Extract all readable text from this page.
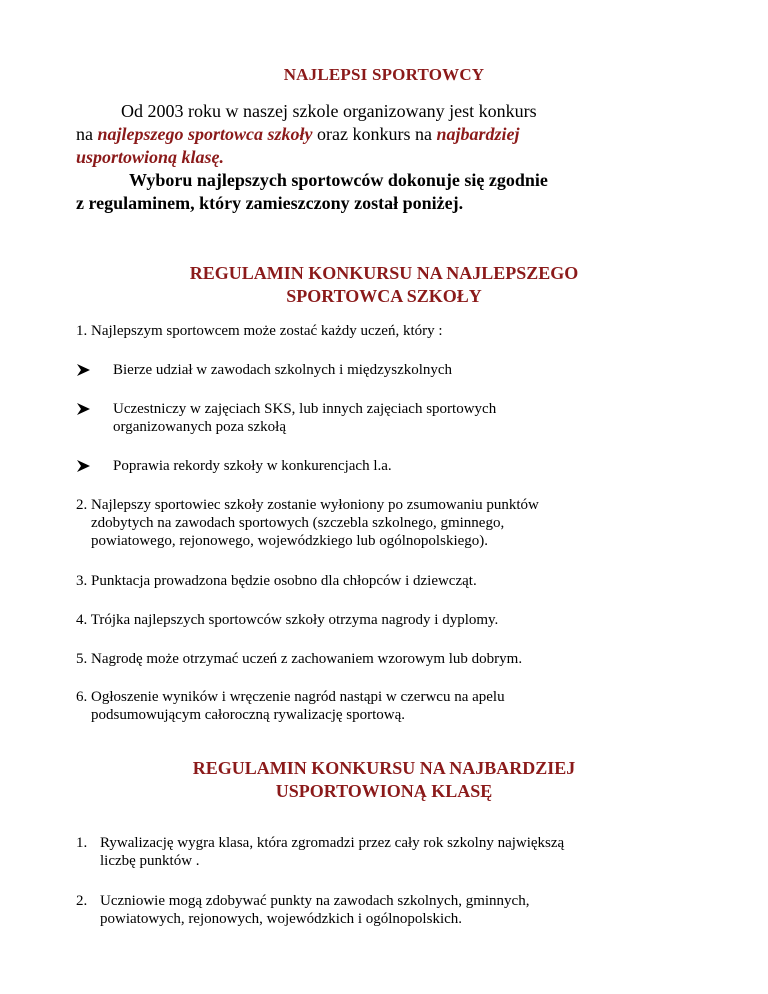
NAJLEPSI SPORTOWCY

Od 2003 roku w naszej szkole organizowany jest konkurs

na najlepszego sportowca szkoły oraz konkurs na najbardziej

usportowioną klasę.

Wyboru najlepszych sportowców dokonuje się zgodnie

z regulaminem, który zamieszczony został poniżej.

REGULAMIN KONKURSU NA NAJLEPSZEGO
SPORTOWCA SZKOŁY

1. Najlepszym sportowcem może zostać każdy uczeń, który :

Bierze udział w zawodach szkolnych i międzyszkolnych
Uczestniczy w zajęciach SKS, lub innych zajęciach sportowych
organizowanych poza szkołą
Poprawia rekordy szkoły w konkurencjach l.a.
2. Najlepszy sportowiec szkoły zostanie wyłoniony po zsumowaniu punktów
zdobytych na zawodach sportowych (szczebla szkolnego, gminnego,
powiatowego, rejonowego, wojewódzkiego lub ogólnopolskiego).

3. Punktacja prowadzona będzie osobno dla chłopców i dziewcząt.

4. Trójka najlepszych sportowców szkoły otrzyma nagrody i dyplomy.

5. Nagrodę może otrzymać uczeń z zachowaniem wzorowym lub dobrym.

6. Ogłoszenie wyników i wręczenie nagród nastąpi w czerwcu na apelu
podsumowującym całoroczną rywalizację sportową.
REGULAMIN KONKURSU NA NAJBARDZIEJ
USPORTOWIONĄ KLASĘ
1. Rywalizację wygra klasa, która zgromadzi przez cały rok szkolny największą
liczbę punktów .
2. Uczniowie mogą zdobywać punkty na zawodach szkolnych, gminnych,
powiatowych, rejonowych, wojewódzkich i ogólnopolskich.
